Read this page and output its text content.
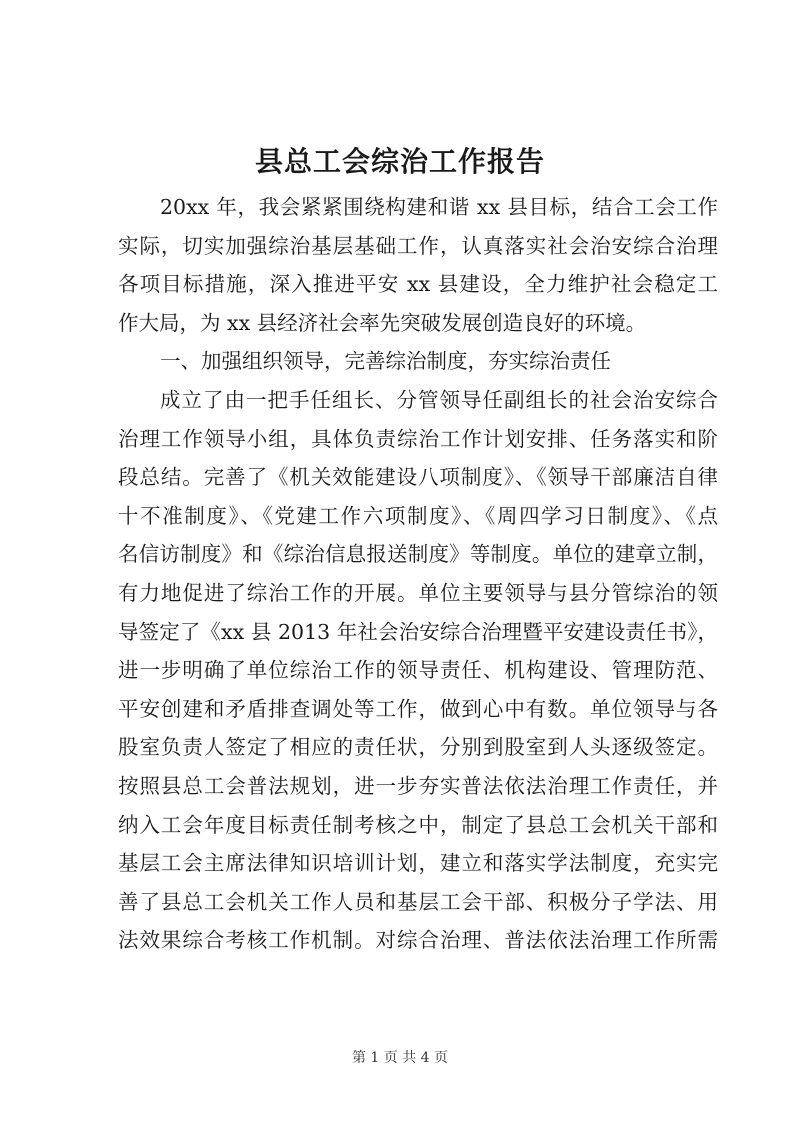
县总工会综治工作报告
20xx 年，我会紧紧围绕构建和谐 xx 县目标，结合工会工作
实际，切实加强综治基层基础工作，认真落实社会治安综合治理
各项目标措施，深入推进平安 xx 县建设，全力维护社会稳定工
作大局，为 xx 县经济社会率先突破发展创造良好的环境。
一、加强组织领导，完善综治制度，夯实综治责任
成立了由一把手任组长、分管领导任副组长的社会治安综合
治理工作领导小组，具体负责综治工作计划安排、任务落实和阶
段总结。完善了《机关效能建设八项制度》、《领导干部廉洁自律
十不准制度》、《党建工作六项制度》、《周四学习日制度》、《点
名信访制度》和《综治信息报送制度》等制度。单位的建章立制，
有力地促进了综治工作的开展。单位主要领导与县分管综治的领
导签定了《xx 县 2013 年社会治安综合治理暨平安建设责任书》，
进一步明确了单位综治工作的领导责任、机构建设、管理防范、
平安创建和矛盾排查调处等工作，做到心中有数。单位领导与各
股室负责人签定了相应的责任状，分别到股室到人头逐级签定。
按照县总工会普法规划，进一步夯实普法依法治理工作责任，并
纳入工会年度目标责任制考核之中，制定了县总工会机关干部和
基层工会主席法律知识培训计划，建立和落实学法制度，充实完
善了县总工会机关工作人员和基层工会干部、积极分子学法、用
法效果综合考核工作机制。对综合治理、普法依法治理工作所需
第 1 页 共 4 页
